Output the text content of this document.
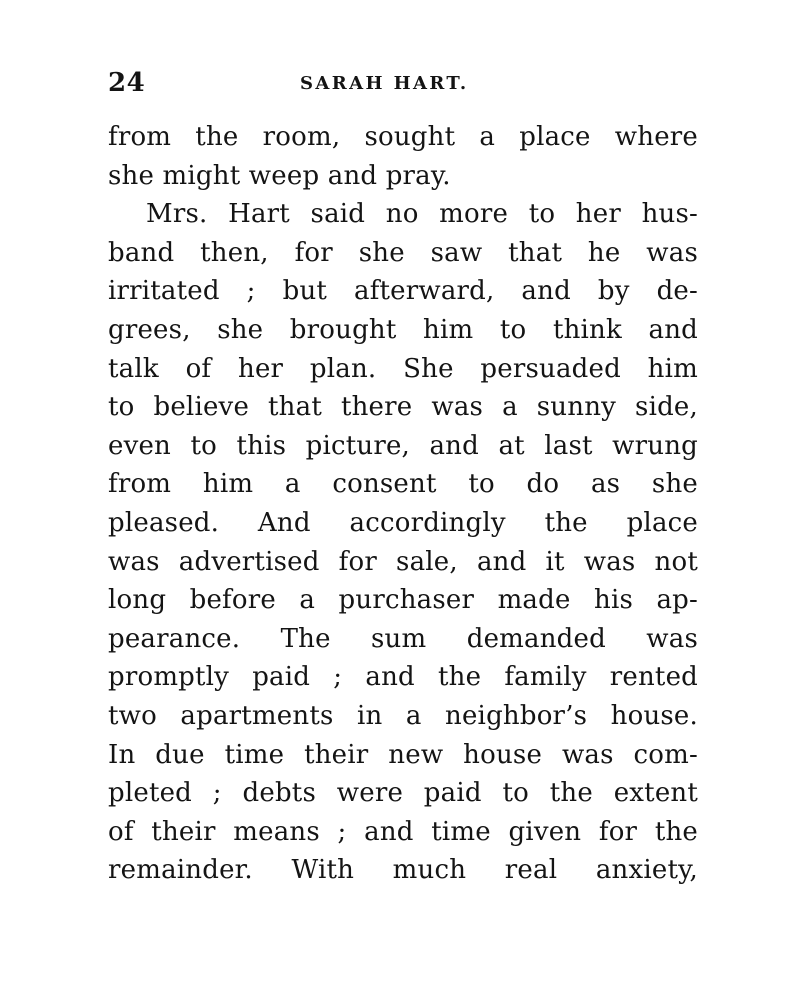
24	SARAH HART.
from the room, sought a place where
she might weep and pray.
Mrs. Hart said no more to her hus-
band then, for she saw that he was
irritated ; but afterward, and by de-
grees, she brought him to think and
talk of her plan. She persuaded him
to believe that there was a sunny side,
even to this picture, and at last wrung
from him a consent to do as she
pleased. And accordingly the place
was advertised for sale, and it was not
long before a purchaser made his ap-
pearance. The sum demanded was
promptly paid ; and the family rented
two apartments in a neighbor’s house.
In due time their new house was com-
pleted ; debts were paid to the extent
of their means ; and time given for the
remainder. With much real anxiety,
